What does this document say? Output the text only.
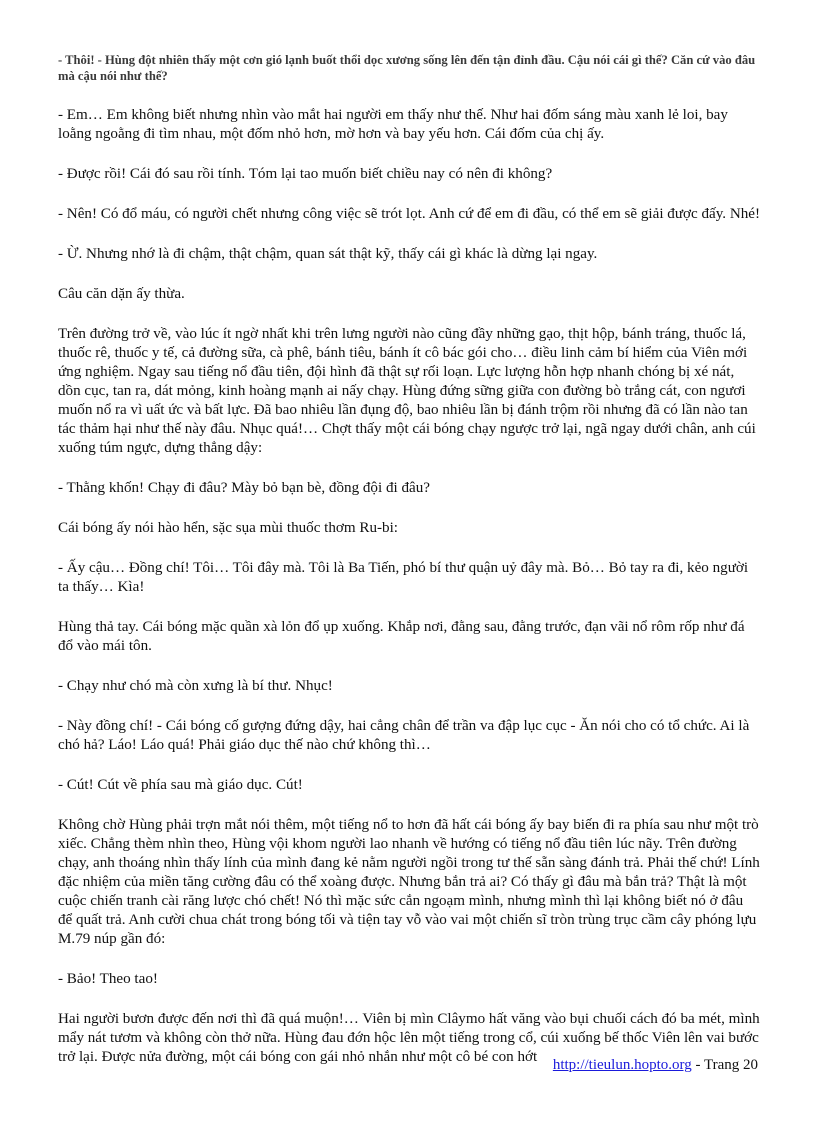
- Thôi! - Hùng đột nhiên thấy một cơn gió lạnh buốt thổi dọc xương sống lên đến tận đỉnh đầu. Cậu nói cái gì thế? Căn cứ vào đâu mà cậu nói như thế?

- Em… Em không biết nhưng nhìn vào mắt hai người em thấy như thế. Như hai đốm sáng màu xanh lẻ loi, bay loằng ngoằng đi tìm nhau, một đốm nhỏ hơn, mờ hơn và bay yếu hơn. Cái đốm của chị ấy.

- Được rồi! Cái đó sau rồi tính. Tóm lại tao muốn biết chiều nay có nên đi không?

- Nên! Có đổ máu, có người chết nhưng công việc sẽ trót lọt. Anh cứ để em đi đầu, có thể em sẽ giải được đấy. Nhé!

- Ừ. Nhưng nhớ là đi chậm, thật chậm, quan sát thật kỹ, thấy cái gì khác là dừng lại ngay.

Câu căn dặn ấy thừa.

Trên đường trở về, vào lúc ít ngờ nhất khi trên lưng người nào cũng đầy những gạo, thịt hộp, bánh tráng, thuốc lá, thuốc rê, thuốc y tế, cả đường sữa, cà phê, bánh tiêu, bánh ít cô bác gói cho… điều linh cảm bí hiểm của Viên mới ứng nghiệm. Ngay sau tiếng nổ đầu tiên, đội hình đã thật sự rối loạn. Lực lượng hỗn hợp nhanh chóng bị xé nát, dồn cục, tan ra, dát mỏng, kinh hoàng mạnh ai nấy chạy. Hùng đứng sững giữa con đường bò trắng cát, con ngươi muốn nổ ra vì uất ức và bất lực. Đã bao nhiêu lần đụng độ, bao nhiêu lần bị đánh trộm rồi nhưng đã có lần nào tan tác thảm hại như thế này đâu. Nhục quá!… Chợt thấy một cái bóng chạy ngược trở lại, ngã ngay dưới chân, anh cúi xuống túm ngực, dựng thẳng dậy:

- Thằng khốn! Chạy đi đâu? Mày bỏ bạn bè, đồng đội đi đâu?

Cái bóng ấy nói hào hển, sặc sụa mùi thuốc thơm Ru-bi:

- Ấy cậu… Đồng chí! Tôi… Tôi đây mà. Tôi là Ba Tiến, phó bí thư quận uỷ đây mà. Bỏ… Bỏ tay ra đi, kẻo người ta thấy… Kìa!

Hùng thả tay. Cái bóng mặc quần xà lỏn đổ ụp xuống. Khắp nơi, đằng sau, đằng trước, đạn vãi nổ rôm rốp như đá đổ vào mái tôn.

- Chạy như chó mà còn xưng là bí thư. Nhục!

- Này đồng chí! - Cái bóng cố gượng đứng dậy, hai cẳng chân để trần va đập lục cục - Ăn nói cho có tổ chức. Ai là chó hả? Láo! Láo quá! Phải giáo dục thế nào chứ không thì…

- Cút! Cút về phía sau mà giáo dục. Cút!

Không chờ Hùng phải trợn mắt nói thêm, một tiếng nổ to hơn đã hất cái bóng ấy bay biến đi ra phía sau như một trò xiếc. Chẳng thèm nhìn theo, Hùng vội khom người lao nhanh về hướng có tiếng nổ đầu tiên lúc nãy. Trên đường chạy, anh thoáng nhìn thấy lính của mình đang kẻ nằm người ngồi trong tư thế sẵn sàng đánh trả. Phải thế chứ! Lính đặc nhiệm của miền tăng cường đâu có thể xoàng được. Nhưng bắn trả ai? Có thấy gì đâu mà bắn trả? Thật là một cuộc chiến tranh cài răng lược chó chết! Nó thì mặc sức cắn ngoạm mình, nhưng mình thì lại không biết nó ở đâu để quất trả. Anh cười chua chát trong bóng tối và tiện tay vỗ vào vai một chiến sĩ tròn trùng trục cầm cây phóng lựu M.79 núp gần đó:

- Bảo! Theo tao!

Hai người bươn được đến nơi thì đã quá muộn!… Viên bị mìn Clâymo hất văng vào bụi chuối cách đó ba mét, mình mẩy nát tươm và không còn thở nữa. Hùng đau đớn hộc lên một tiếng trong cổ, cúi xuống bế thốc Viên lên vai bước trở lại. Được nửa đường, một cái bóng con gái nhỏ nhắn như một cô bé con hớt	http://tieulun.hopto.org - Trang 20
